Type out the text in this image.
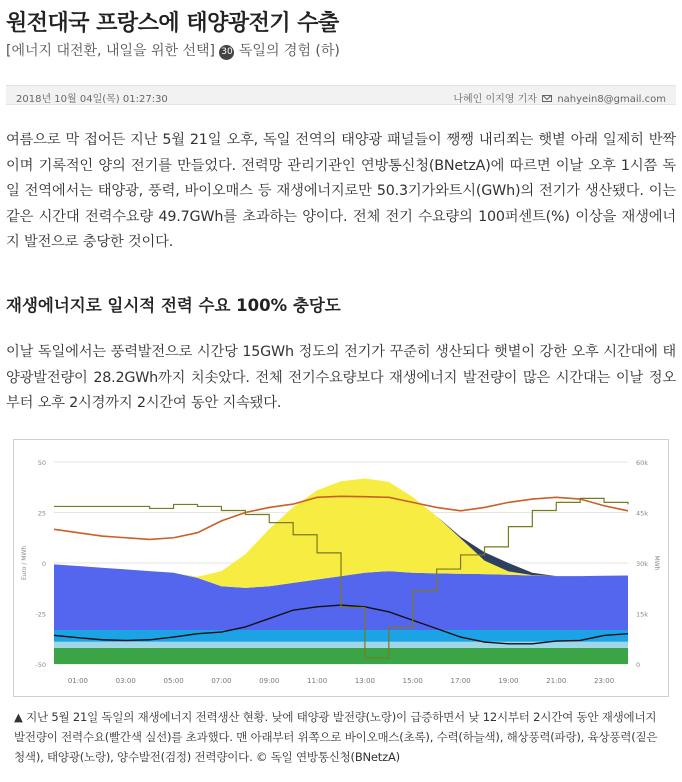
원전대국 프랑스에 태양광전기 수출
[에너지 대전환, 내일을 위한 선택] 30 독일의 경험 (하)
2018년 10월 04일(목) 01:27:30	나혜인 이지영 기자 nahyein8@gmail.com

여름으로 막 접어든 지난 5월 21일 오후, 독일 전역의 태양광 패널들이 쨍쨍 내리쬐는 햇볕 아래 일제히 반짝이며 기록적인 양의 전기를 만들었다. 전력망 관리기관인 연방통신청(BNetzA)에 따르면 이날 오후 1시쯤 독일 전역에서는 태양광, 풍력, 바이오매스 등 재생에너지로만 50.3기가와트시(GWh)의 전기가 생산됐다. 이는 같은 시간대 전력수요량 49.7GWh를 초과하는 양이다. 전체 전기 수요량의 100퍼센트(%) 이상을 재생에너지 발전으로 충당한 것이다.

재생에너지로 일시적 전력 수요 100% 충당도

이날 독일에서는 풍력발전으로 시간당 15GWh 정도의 전기가 꾸준히 생산되다 햇볕이 강한 오후 시간대에 태양광발전량이 28.2GWh까지 치솟았다. 전체 전기수요량보다 재생에너지 발전량이 많은 시간대는 이날 정오부터 오후 2시경까지 2시간여 동안 지속됐다.

50
25
0
-25
-50
60k
45k
30k
15k
0
01:00	03:00	05:00	07:00	09:00	11:00	13:00	15:00	17:00	19:00	21:00	23:00
Euro / MWh	MWh

▲ 지난 5월 21일 독일의 재생에너지 전력생산 현황. 낮에 태양광 발전량(노랑)이 급증하면서 낮 12시부터 2시간여 동안 재생에너지 발전량이 전력수요(빨간색 실선)를 초과했다. 맨 아래부터 위쪽으로 바이오매스(초록), 수력(하늘색), 해상풍력(파랑), 육상풍력(짙은 청색), 태양광(노랑), 양수발전(검정) 전력량이다. © 독일 연방통신청(BNetzA)
